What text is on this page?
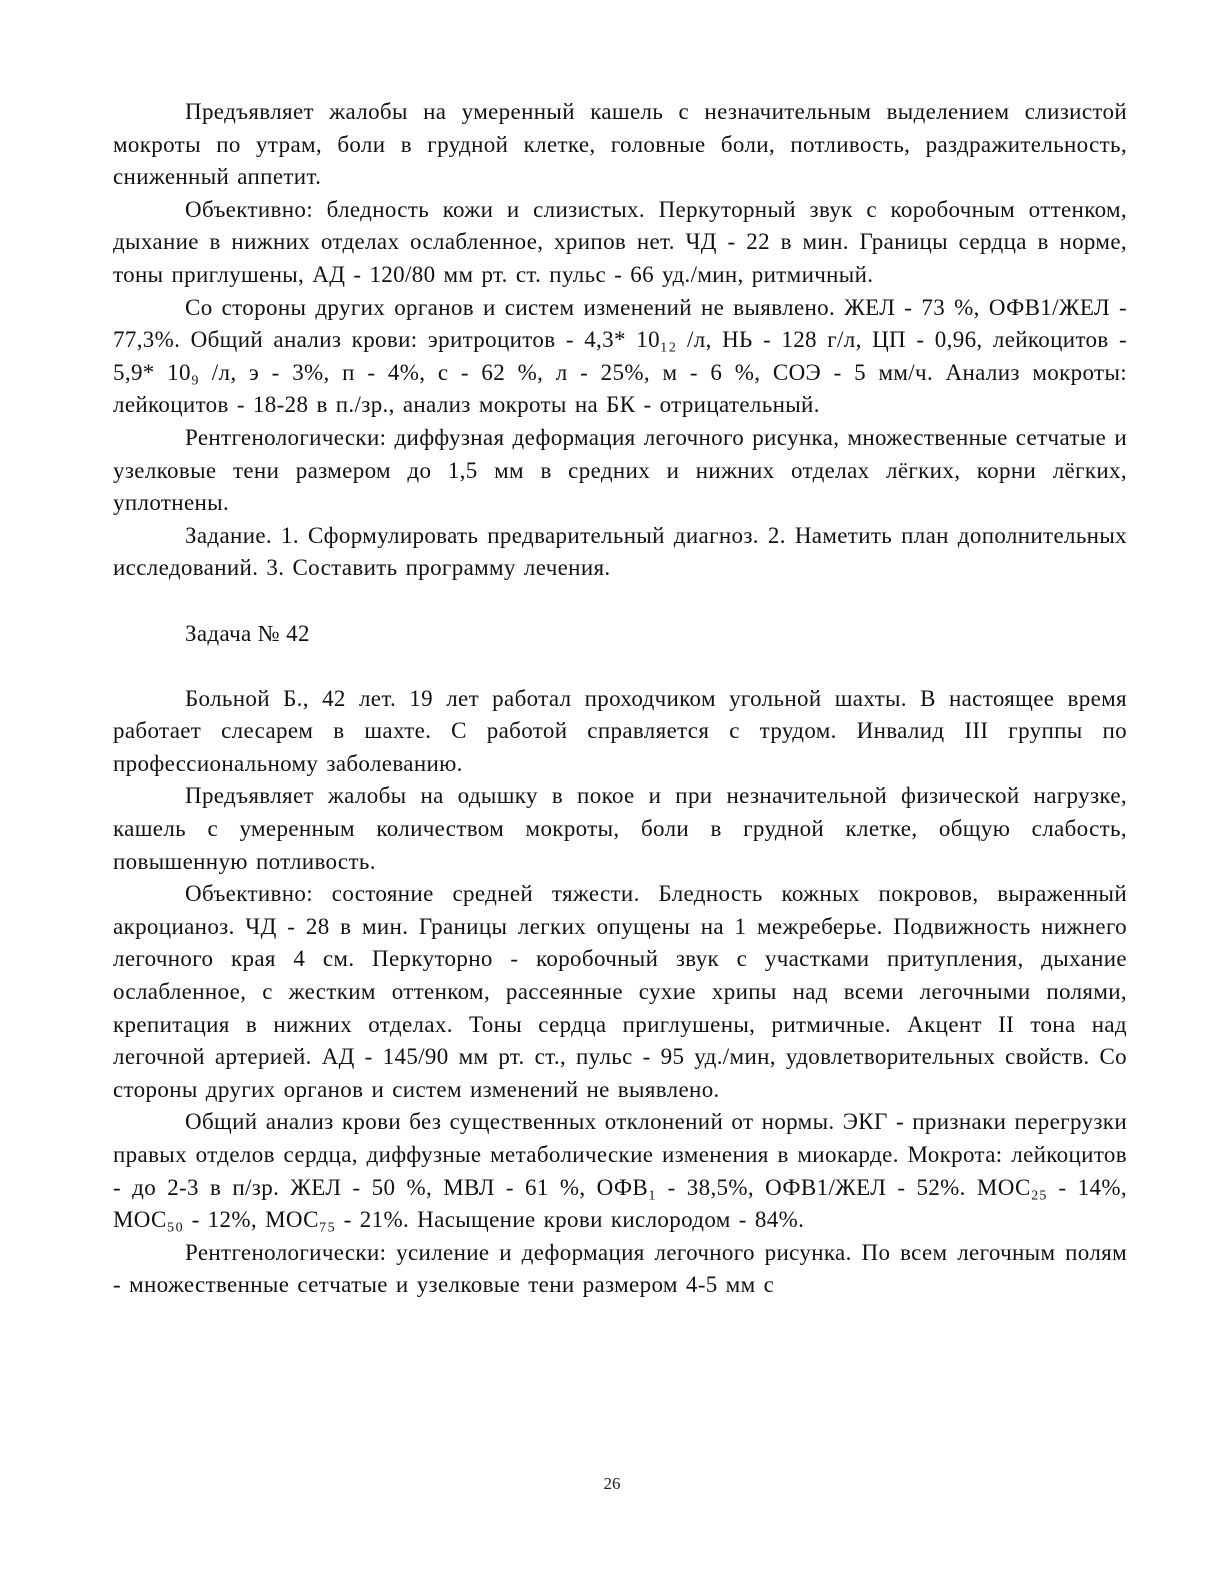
Предъявляет жалобы на умеренный кашель с незначительным выделением слизистой мокроты по утрам, боли в грудной клетке, головные боли, потливость, раздражительность, сниженный аппетит.

Объективно: бледность кожи и слизистых. Перкуторный звук с коробочным оттенком, дыхание в нижних отделах ослабленное, хрипов нет. ЧД - 22 в мин. Границы сердца в норме, тоны приглушены, АД - 120/80 мм рт. ст. пульс - 66 уд./мин, ритмичный.

Со стороны других органов и систем изменений не выявлено. ЖЕЛ - 73 %, ОФВ1/ЖЕЛ - 77,3%. Общий анализ крови: эритроцитов - 4,3* 10₁₂ /л, НЬ - 128 г/л, ЦП - 0,96, лейкоцитов - 5,9* 10₉ /л, э - 3%, п - 4%, с - 62 %, л - 25%, м - 6 %, СОЭ - 5 мм/ч. Анализ мокроты: лейкоцитов - 18-28 в п./зр., анализ мокроты на БК - отрицательный.

Рентгенологически: диффузная деформация легочного рисунка, множественные сетчатые и узелковые тени размером до 1,5 мм в средних и нижних отделах лёгких, корни лёгких, уплотнены.

Задание. 1. Сформулировать предварительный диагноз. 2. Наметить план дополнительных исследований. 3. Составить программу лечения.

Задача № 42

Больной Б., 42 лет. 19 лет работал проходчиком угольной шахты. В настоящее время работает слесарем в шахте. С работой справляется с трудом. Инвалид III группы по профессиональному заболеванию.

Предъявляет жалобы на одышку в покое и при незначительной физической нагрузке, кашель с умеренным количеством мокроты, боли в грудной клетке, общую слабость, повышенную потливость.

Объективно: состояние средней тяжести. Бледность кожных покровов, выраженный акроцианоз. ЧД - 28 в мин. Границы легких опущены на 1 межреберье. Подвижность нижнего легочного края 4 см. Перкуторно - коробочный звук с участками притупления, дыхание ослабленное, с жестким оттенком, рассеянные сухие хрипы над всеми легочными полями, крепитация в нижних отделах. Тоны сердца приглушены, ритмичные. Акцент II тона над легочной артерией. АД - 145/90 мм рт. ст., пульс - 95 уд./мин, удовлетворительных свойств. Со стороны других органов и систем изменений не выявлено.

Общий анализ крови без существенных отклонений от нормы. ЭКГ - признаки перегрузки правых отделов сердца, диффузные метаболические изменения в миокарде. Мокрота: лейкоцитов - до 2-3 в п/зр. ЖЕЛ - 50 %, МВЛ - 61 %, ОФВ₁ - 38,5%, ОФВ1/ЖЕЛ - 52%. МОС₂₅ - 14%, МОС₅₀ - 12%, МОС₇₅ - 21%. Насыщение крови кислородом - 84%.

Рентгенологически: усиление и деформация легочного рисунка. По всем легочным полям - множественные сетчатые и узелковые тени размером 4-5 мм с

26
